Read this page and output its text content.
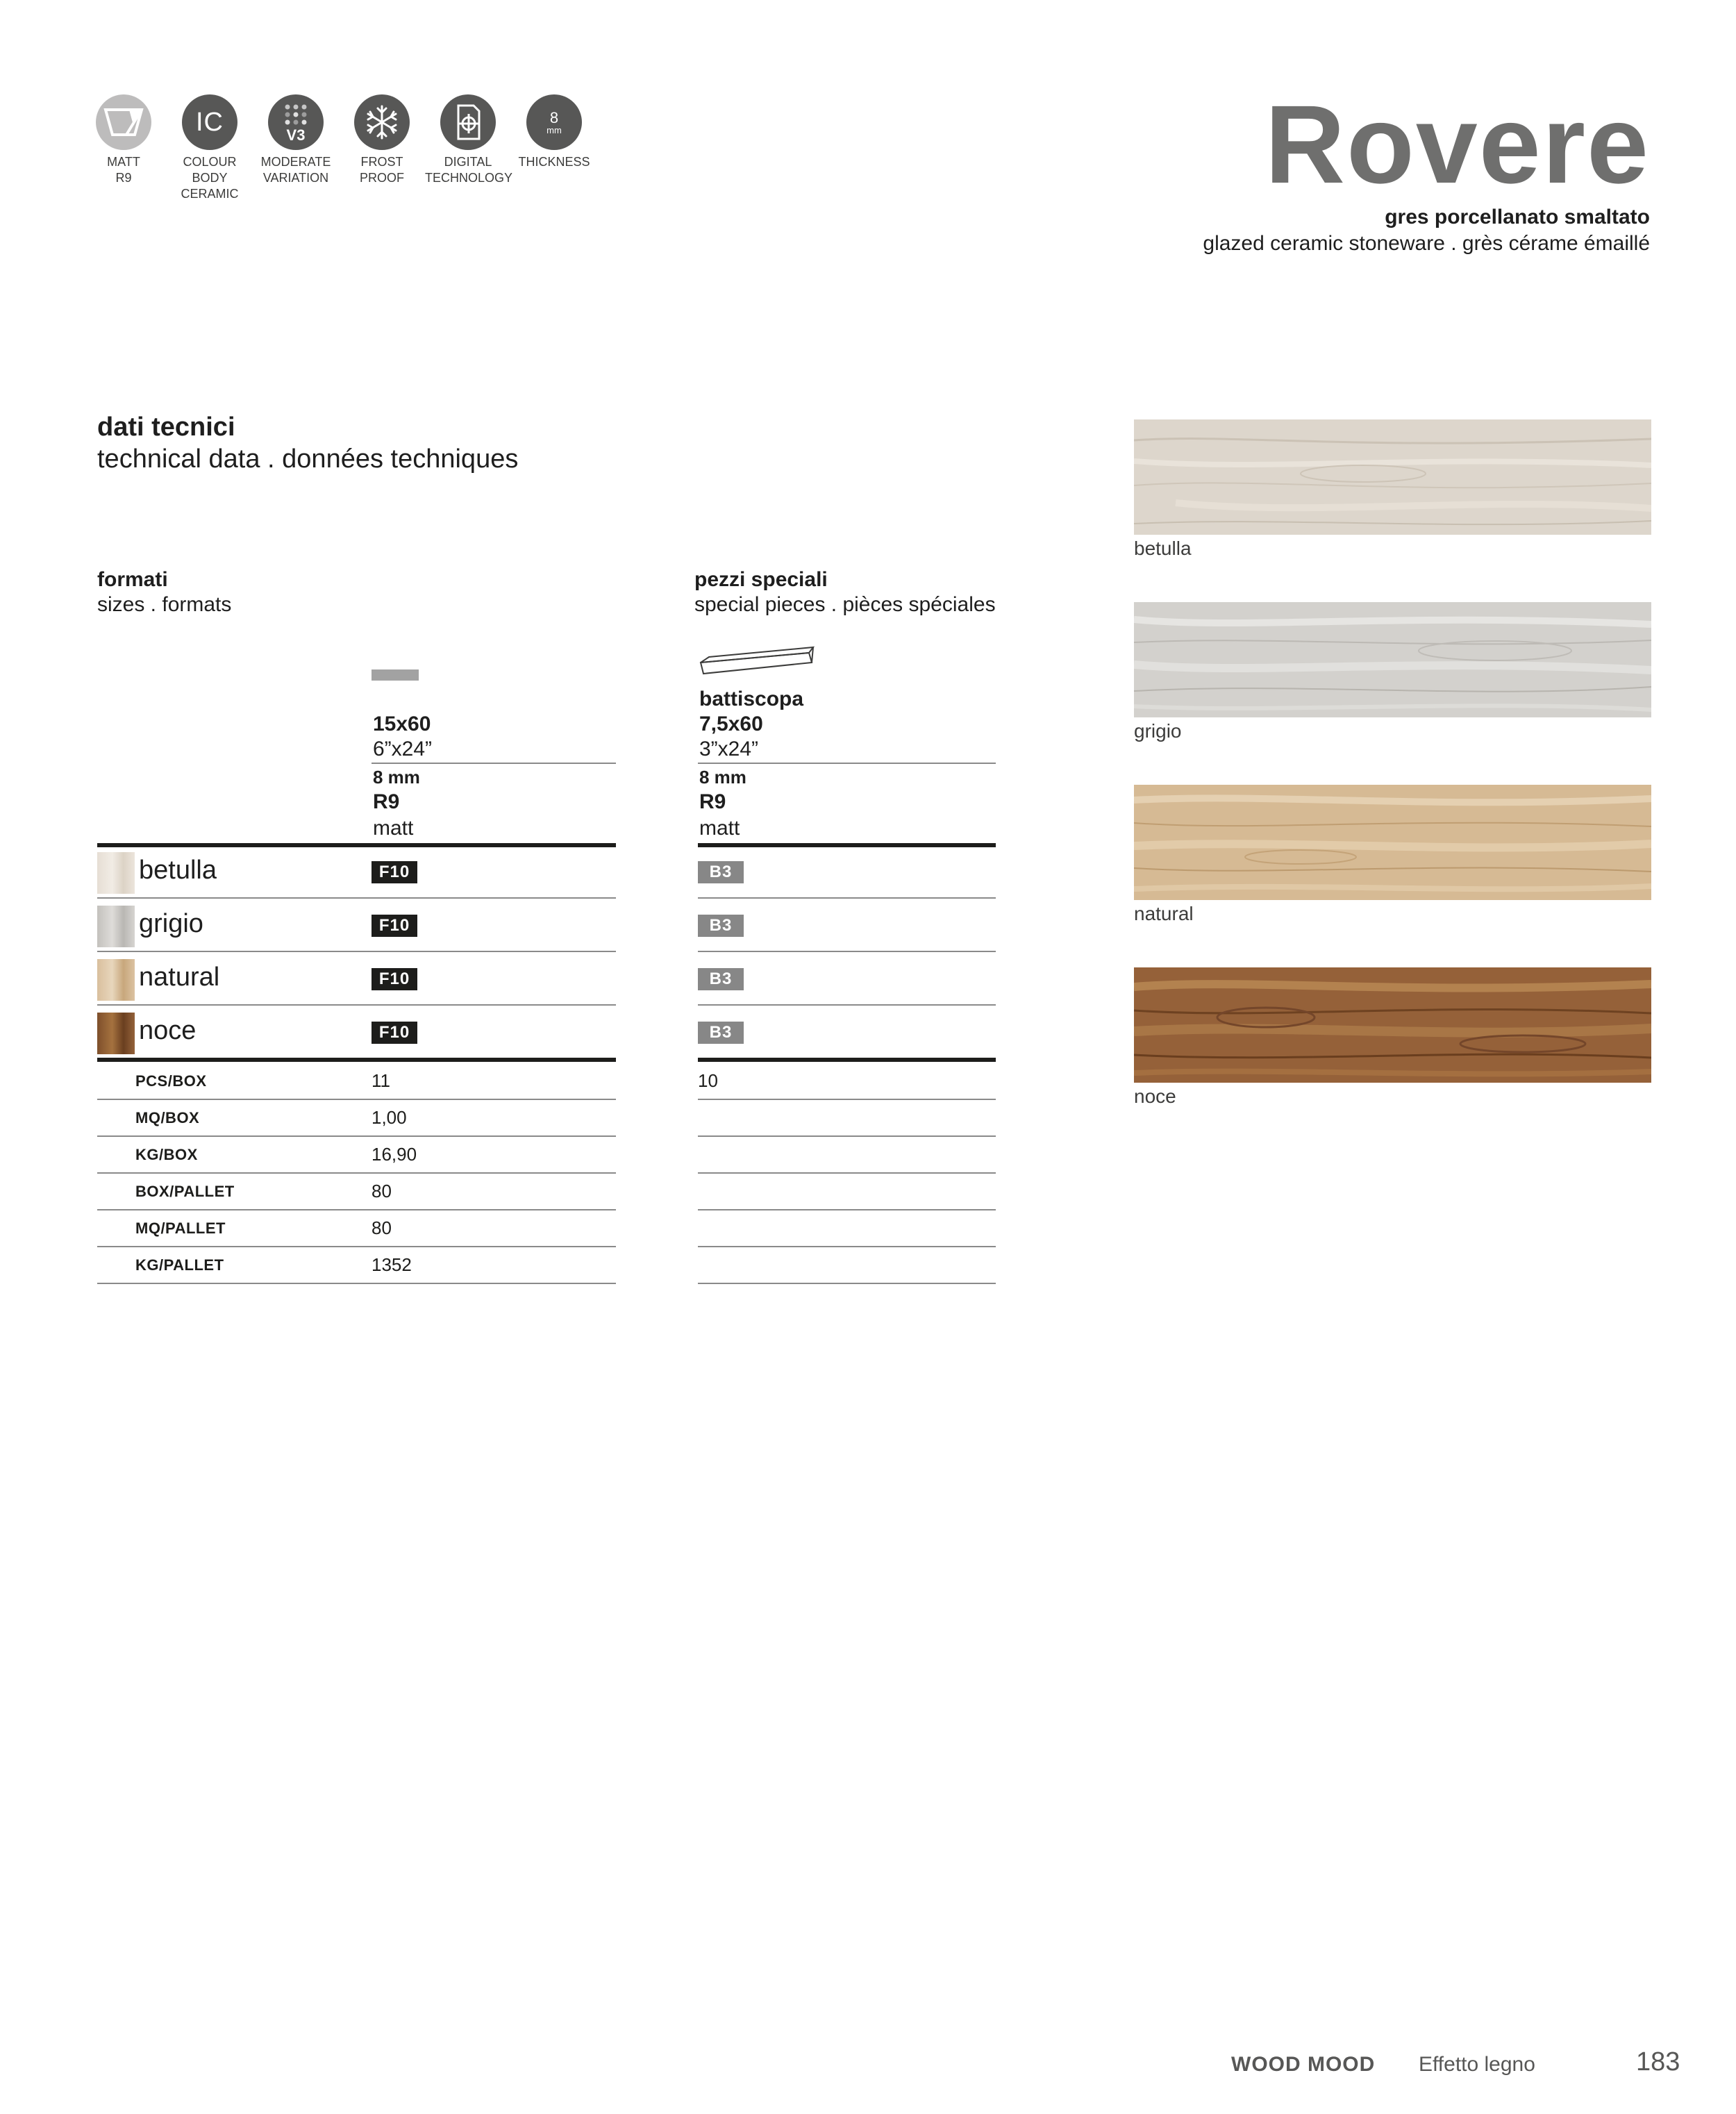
MATT
R9
IC
COLOUR
BODY
CERAMIC
V3
MODERATE
VARIATION
FROST
PROOF
DIGITAL
TECHNOLOGY
8
mm
THICKNESS	Rovere
gres porcellanato smaltato
glazed ceramic stoneware . grès cérame émaillé
dati tecnici
technical data . données techniques
formati
sizes . formats
pezzi speciali
special pieces . pièces spéciales
15x60
6”x24”
8 mm
R9
matt
battiscopa
7,5x60
3”x24”
8 mm
R9
matt
betulla	F10	B3
grigio	F10	B3
natural	F10	B3
noce	F10	B3
PCS/BOX	11	10
MQ/BOX	1,00
KG/BOX	16,90
BOX/PALLET	80
MQ/PALLET	80
KG/PALLET	1352
betulla
grigio
natural
noce
WOOD MOOD Effetto legno	183
